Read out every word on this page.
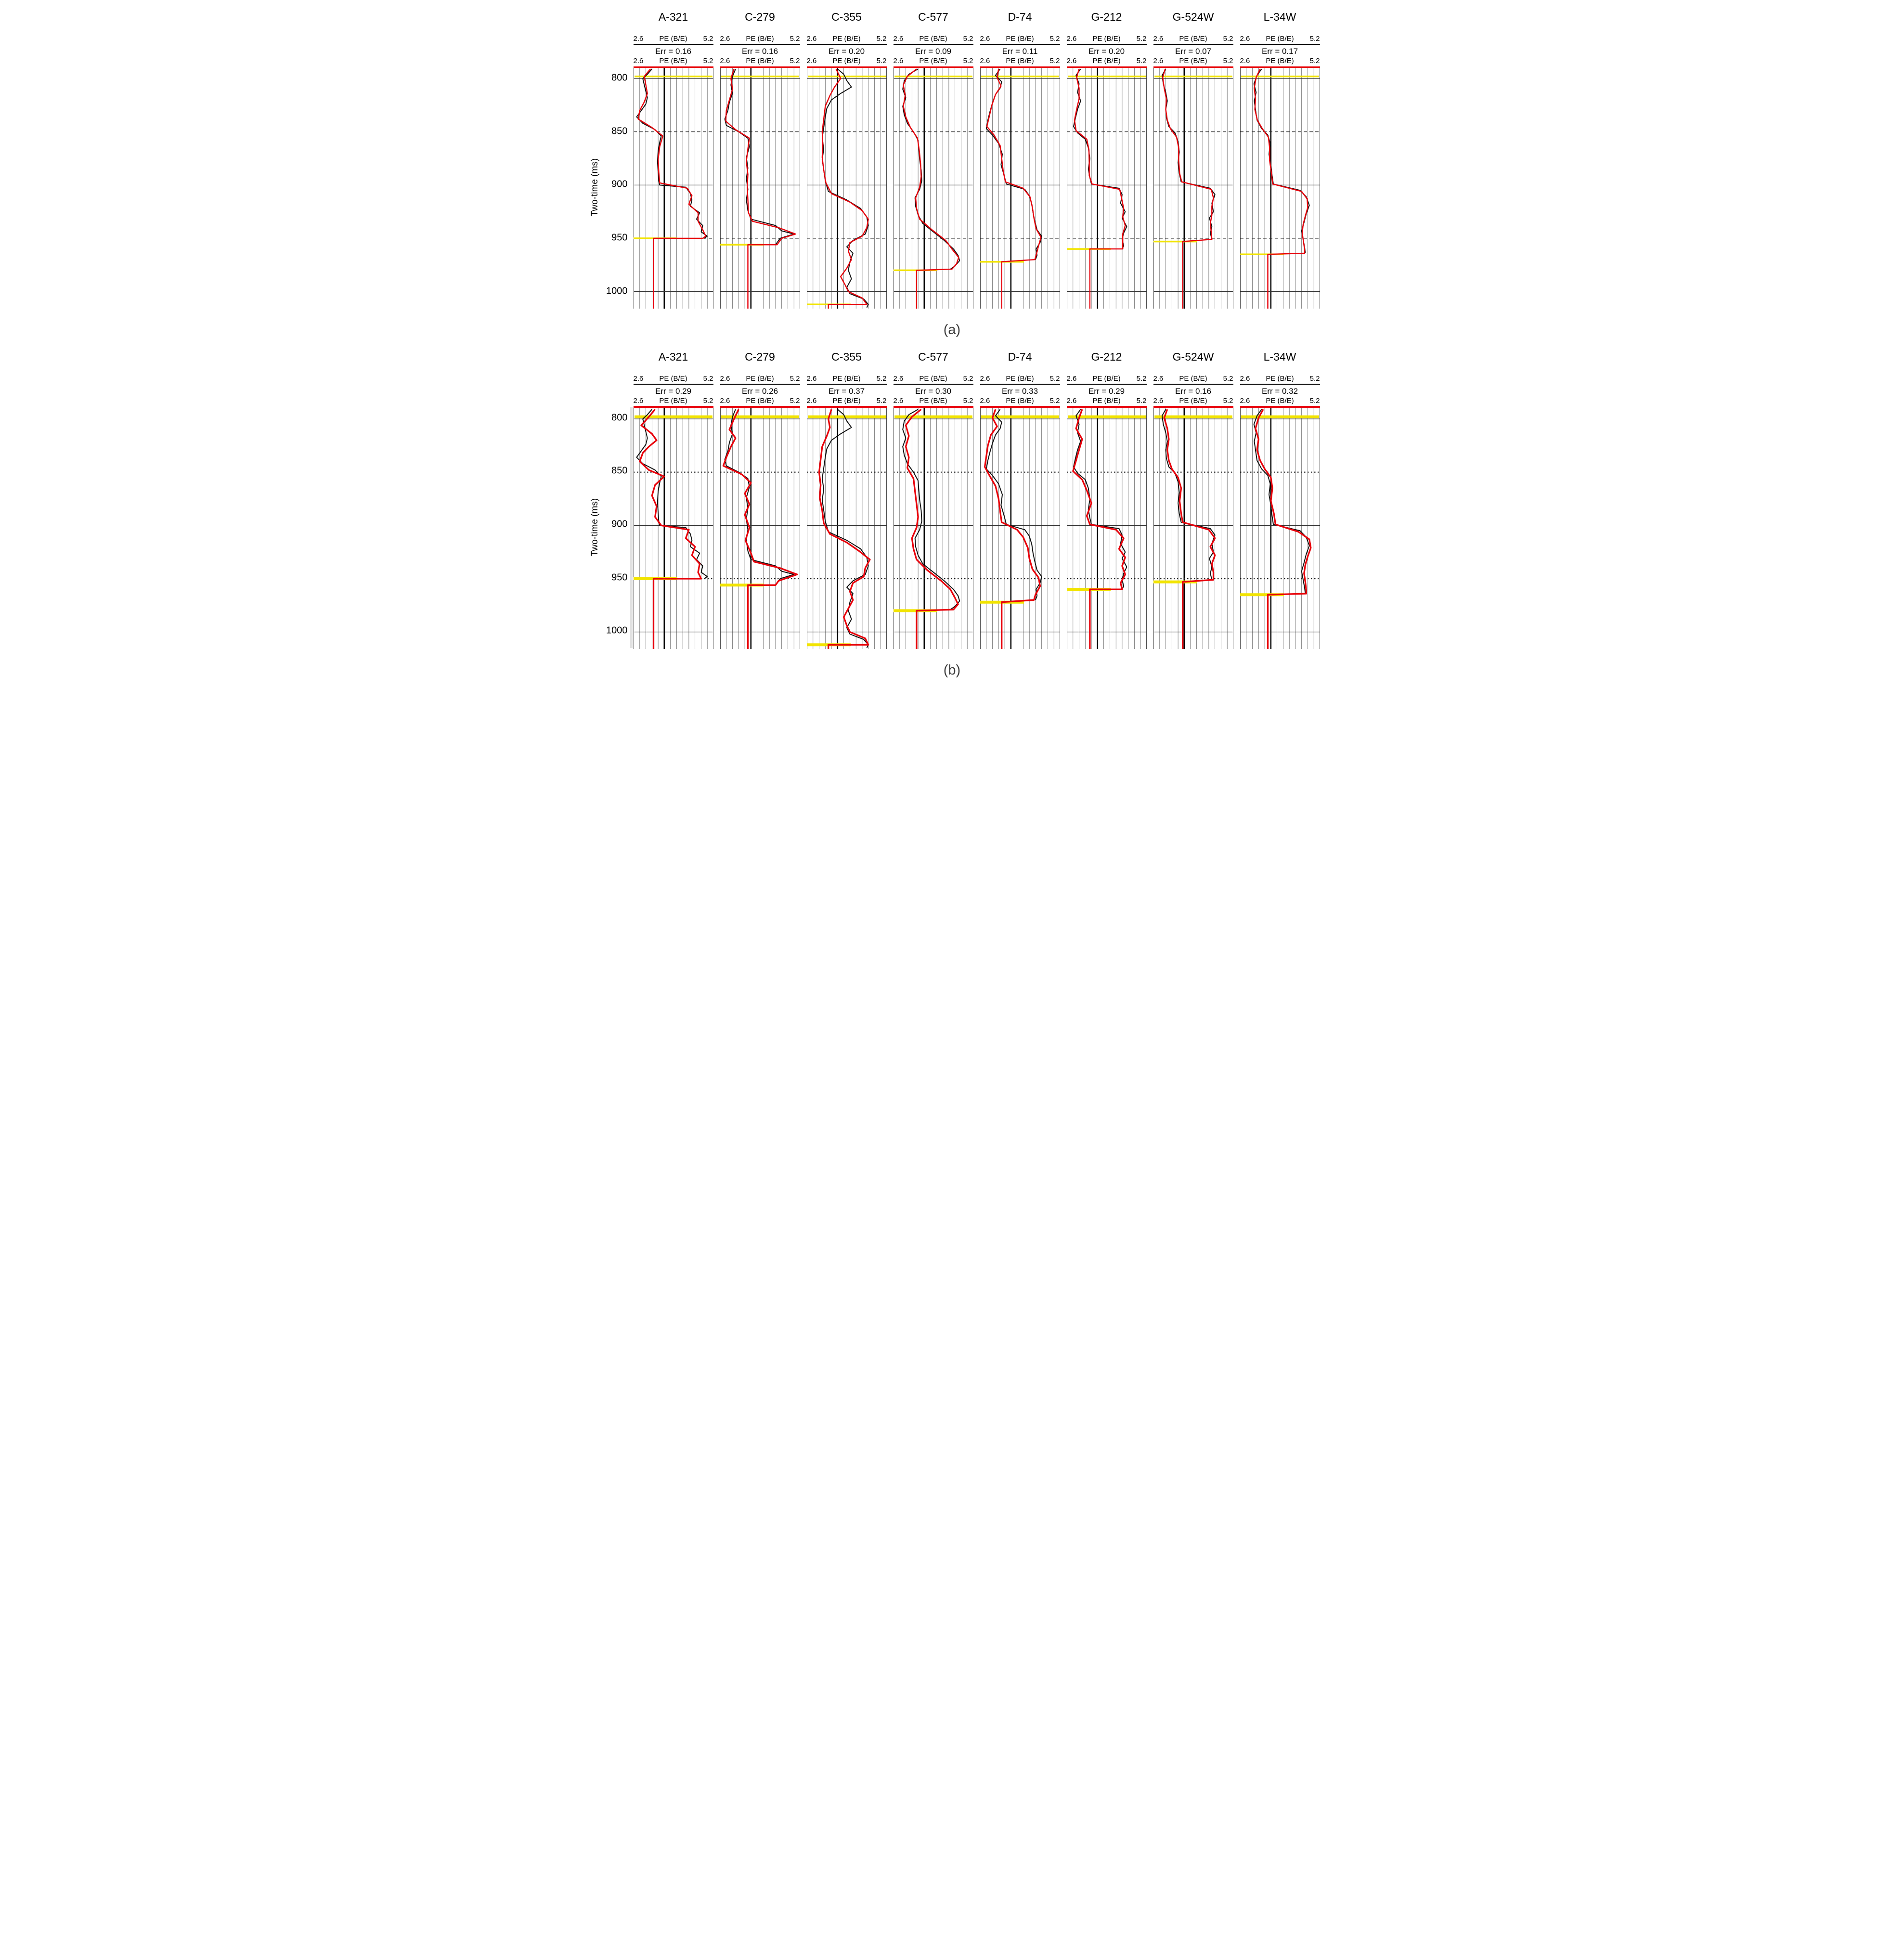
Two-time (ms)
800
850
900
950
1000
A-321
2.6 PE (B/E) 5.2
Err = 0.16
2.6 PE (B/E) 5.2
C-279
2.6 PE (B/E) 5.2
Err = 0.16
2.6 PE (B/E) 5.2
C-355
2.6 PE (B/E) 5.2
Err = 0.20
2.6 PE (B/E) 5.2
C-577
2.6 PE (B/E) 5.2
Err = 0.09
2.6 PE (B/E) 5.2
D-74
2.6 PE (B/E) 5.2
Err = 0.11
2.6 PE (B/E) 5.2
G-212
2.6 PE (B/E) 5.2
Err = 0.20
2.6 PE (B/E) 5.2
G-524W
2.6 PE (B/E) 5.2
Err = 0.07
2.6 PE (B/E) 5.2
L-34W
2.6 PE (B/E) 5.2
Err = 0.17
2.6 PE (B/E) 5.2
(a)
Two-time (ms)
800
850
900
950
1000
A-321
2.6 PE (B/E) 5.2
Err = 0.29
2.6 PE (B/E) 5.2
C-279
2.6 PE (B/E) 5.2
Err = 0.26
2.6 PE (B/E) 5.2
C-355
2.6 PE (B/E) 5.2
Err = 0.37
2.6 PE (B/E) 5.2
C-577
2.6 PE (B/E) 5.2
Err = 0.30
2.6 PE (B/E) 5.2
D-74
2.6 PE (B/E) 5.2
Err = 0.33
2.6 PE (B/E) 5.2
G-212
2.6 PE (B/E) 5.2
Err = 0.29
2.6 PE (B/E) 5.2
G-524W
2.6 PE (B/E) 5.2
Err = 0.16
2.6 PE (B/E) 5.2
L-34W
2.6 PE (B/E) 5.2
Err = 0.32
2.6 PE (B/E) 5.2
(b)
